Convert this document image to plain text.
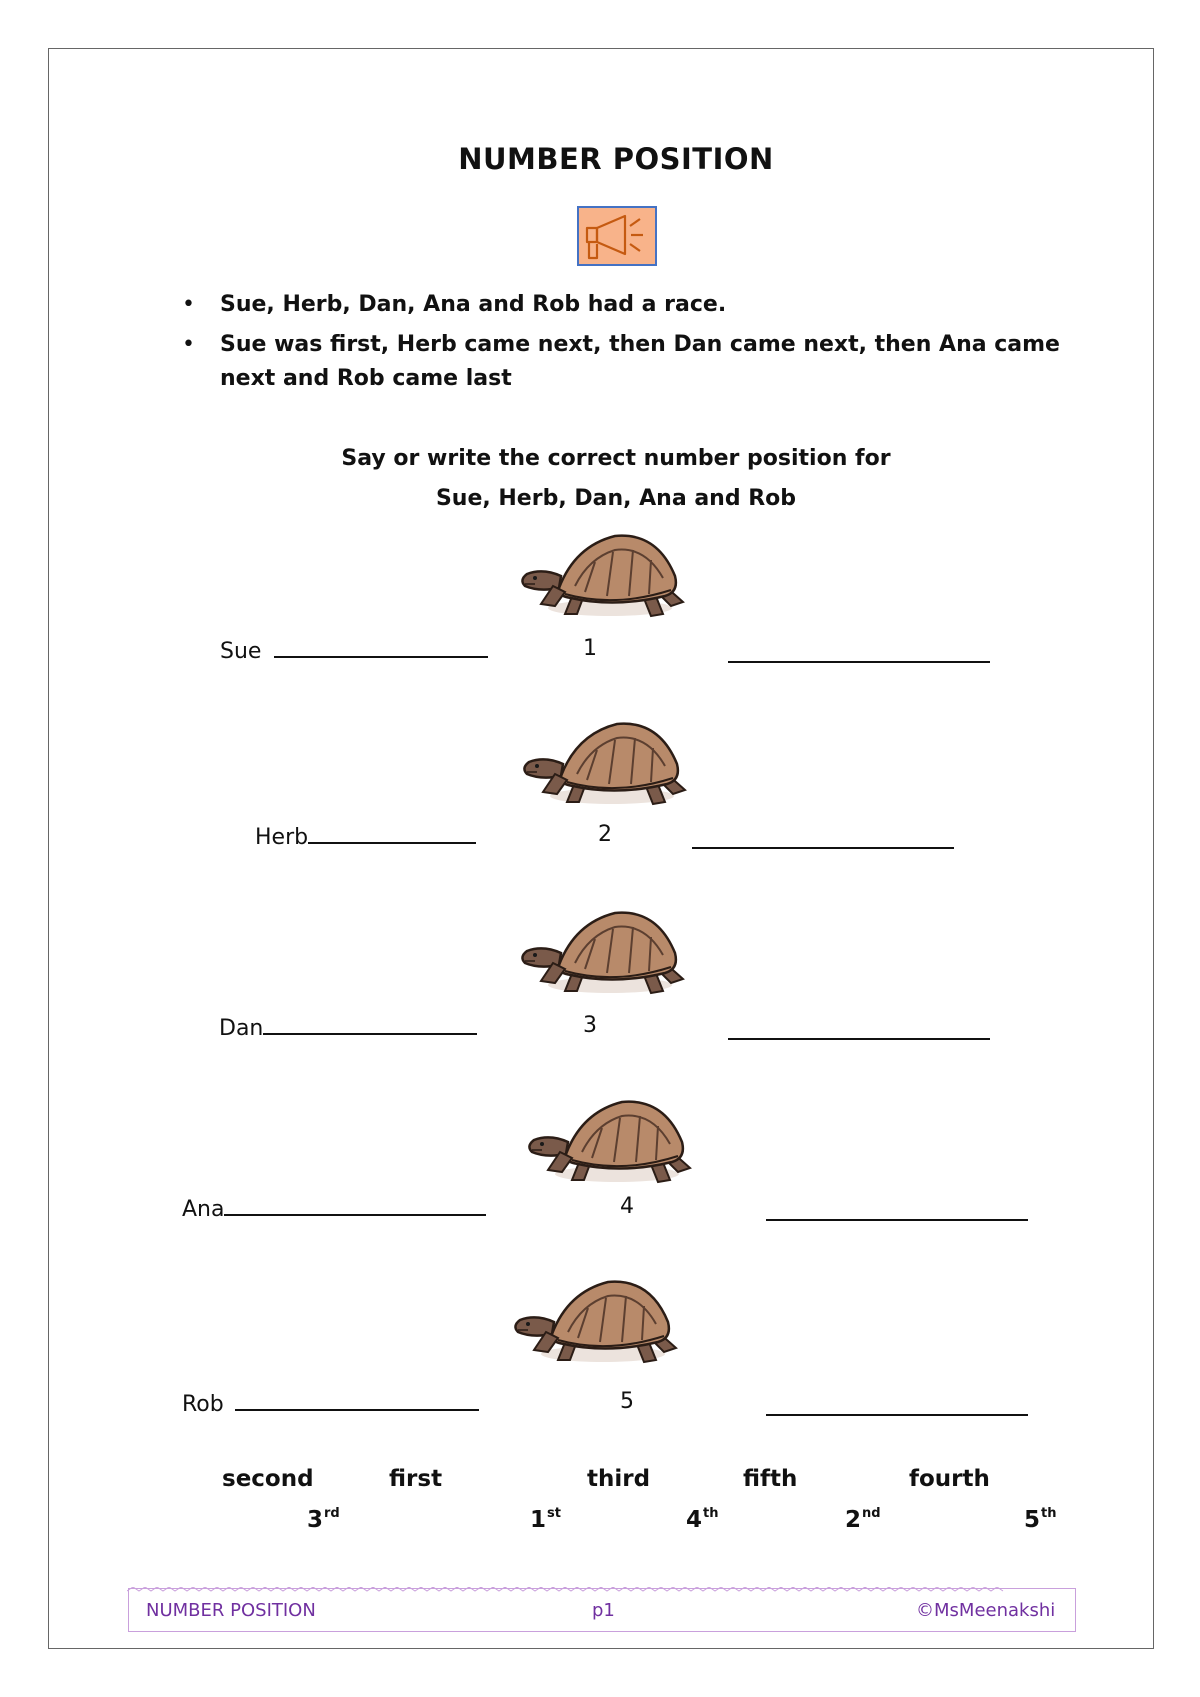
NUMBER POSITION
• Sue, Herb, Dan, Ana and Rob had a race.
• Sue was first, Herb came next, then Dan came next, then Ana came next and Rob came last
Say or write the correct number position for
Sue, Herb, Dan, Ana and Rob
Sue	1
Herb	2
Dan	3
Ana	4
Rob	5
second	first	third	fifth	fourth
3rd	1st	4th	2nd	5th
NUMBER POSITION	p1	©MsMeenakshi
